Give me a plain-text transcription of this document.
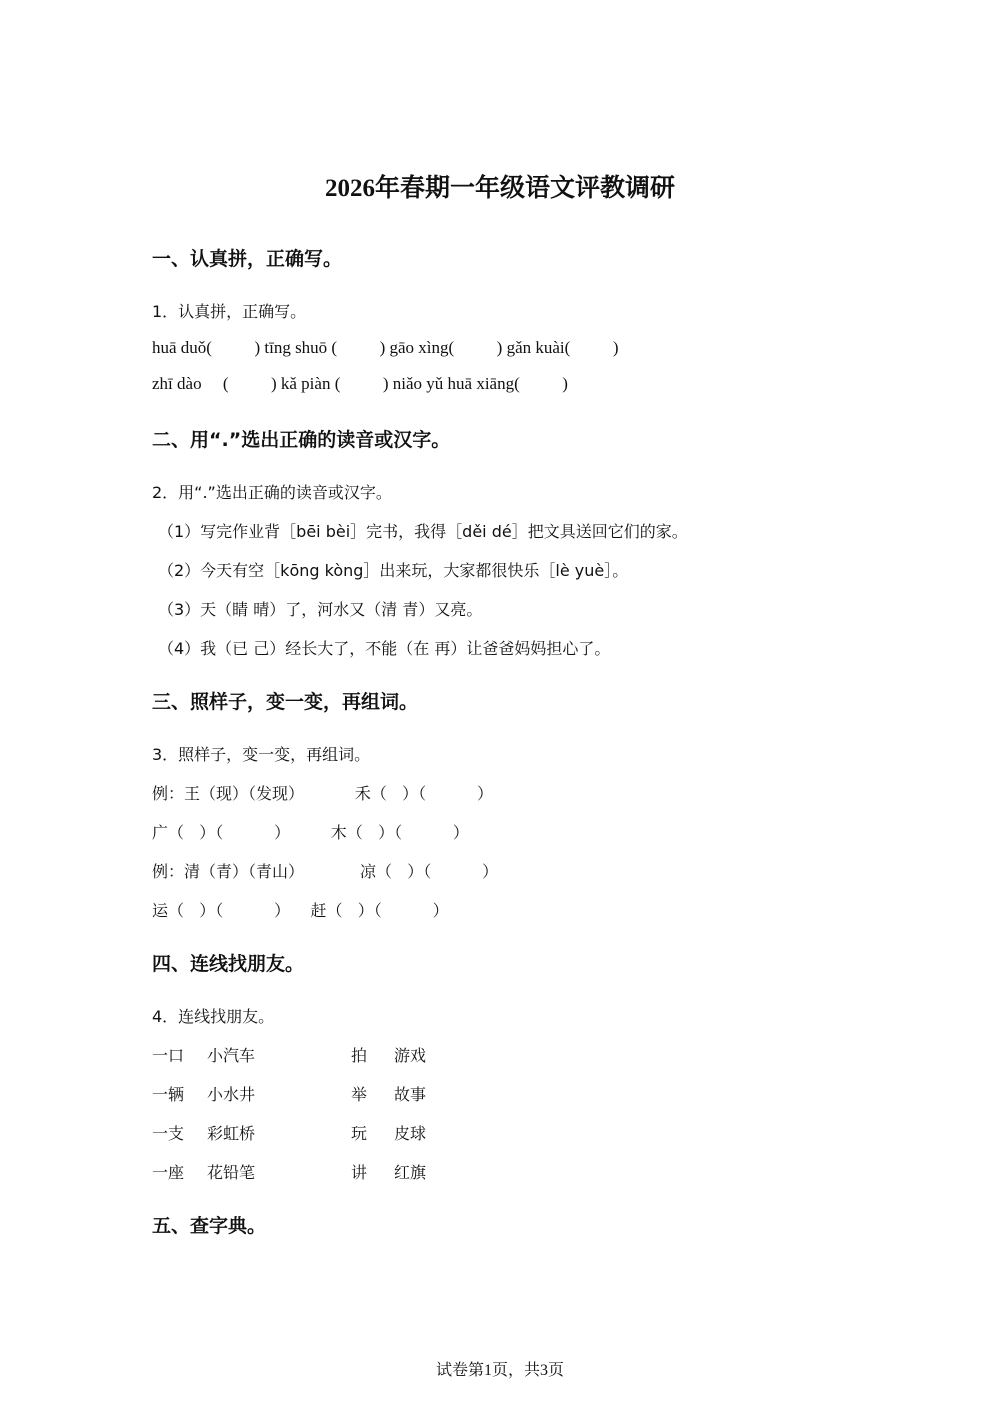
2026年春期一年级语文评教调研
一、认真拼，正确写。
1．认真拼，正确写。
huā duǒ(          ) tīng shuō (          ) gāo xìng(          ) gǎn kuài(          )
zhī dào     (          ) kǎ piàn (          ) niǎo yǔ huā xiāng(          )
二、用“.”选出正确的读音或汉字。
2．用“.”选出正确的读音或汉字。
（1）写完作业背［bēi bèi］完书，我得［děi dé］把文具送回它们的家。
（2）今天有空［kōng kòng］出来玩，大家都很快乐［lè yuè］。
（3）天（睛 晴）了，河水又（清 青）又亮。
（4）我（已 己）经长大了，不能（在 再）让爸爸妈妈担心了。
三、照样子，变一变，再组词。
3．照样子，变一变，再组词。
例：王（现）（发现）          禾（   ）（          ）
广（   ）（          ）        木（   ）（          ）
例：清（青）（青山）           凉（   ）（          ）
运（   ）（          ）    赶（   ）（          ）
四、连线找朋友。
4．连线找朋友。
一口 小汽车	拍 游戏
一辆 小水井	举 故事
一支 彩虹桥	玩 皮球
一座 花铅笔	讲 红旗
五、查字典。
试卷第1页，共3页
